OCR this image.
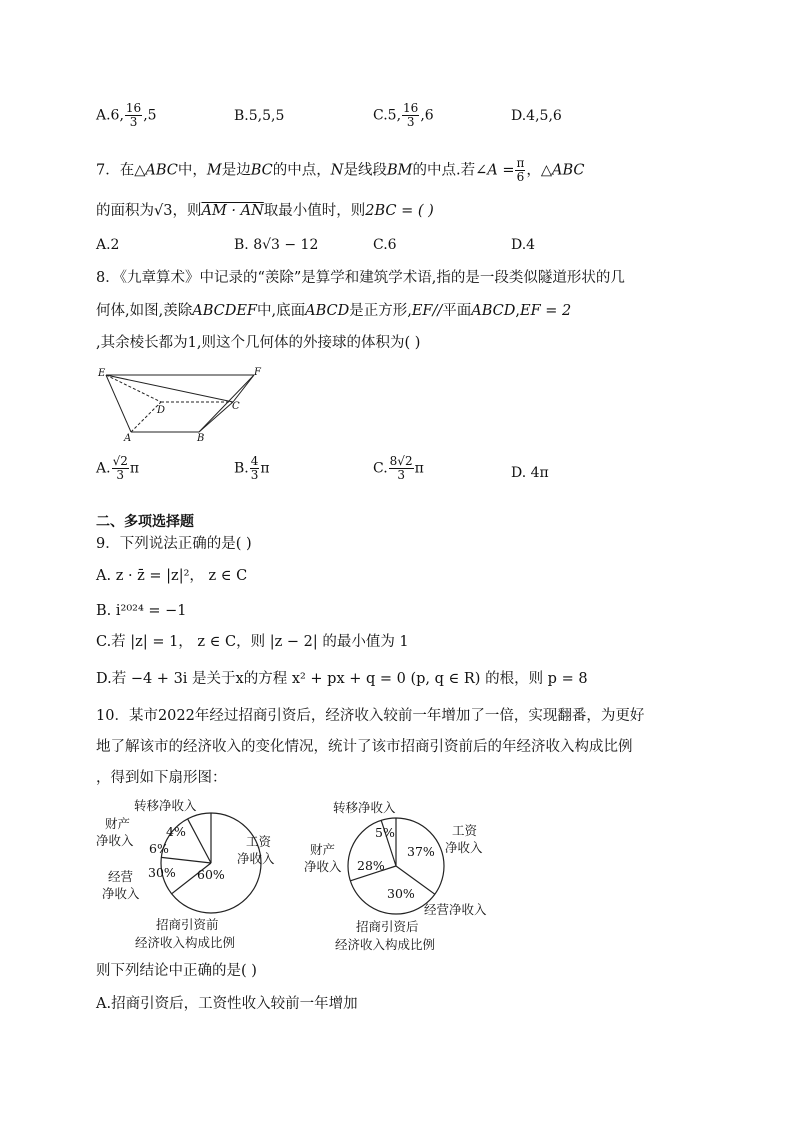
A.6, $\frac{16}{3} ,5$	B.5,5,5	C.5, $\frac{16}{3} ,6$	D.4,5,6
7．在△ABC中，M是边BC的中点，N是线段BM的中点.若∠A = $\frac{\pi}{6}$ ，△ABC
的面积为√3，则AM · AN取最小值时，则2BC = ( )
A.2	B. 8√3 − 12	C.6	D.4
8．《九章算术》中记录的“羡除”是算学和建筑学术语,指的是一段类似隧道形状的几
何体,如图,羡除ABCDEF中,底面ABCD是正方形,EF//平面ABCD,EF = 2
,其余棱长都为1,则这个几何体的外接球的体积为( )
E	F
D	C
A	B
A. $\frac{√2}{3}$ π	B. $\frac{4}{3}$ π	C. $\frac{8√2}{3}$ π	D. 4π
二、多项选择题
9．下列说法正确的是( )
A. z · z̄ = |z|²， z ∈ C
B. i²⁰²⁴ = −1
C.若 |z| = 1， z ∈ C，则 |z − 2| 的最小值为 1
D.若 −4 + 3i 是关于x的方程 x² + px + q = 0 (p, q ∈ R) 的根，则 p = 8
10．某市2022年经过招商引资后，经济收入较前一年增加了一倍，实现翻番，为更好
地了解该市的经济收入的变化情况，统计了该市招商引资前后的年经济收入构成比例
，得到如下扇形图：
转移净收入
财产
净收入
经营
净收入
工资
净收入
4%
6%
30% 60%
招商引资前
经济收入构成比例
转移净收入
财产
净收入
工资
净收入
经营净收入
5%
37%
28%
30%
招商引资后
经济收入构成比例
则下列结论中正确的是( )
A.招商引资后，工资性收入较前一年增加
